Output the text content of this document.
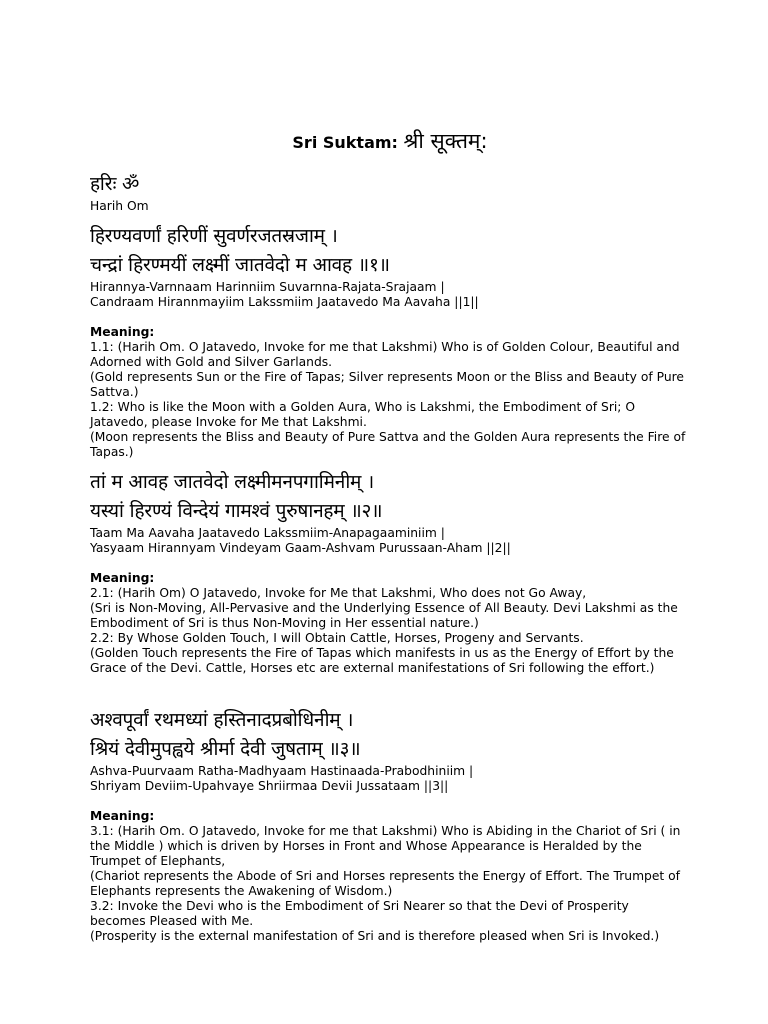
Sri Suktam: श्री सूक्तम्:
हरिः ॐ
Harih Om
हिरण्यवर्णां हरिणीं सुवर्णरजतस्रजाम् ।
चन्द्रां हिरण्मयीं लक्ष्मीं जातवेदो म आवह ॥१॥
Hirannya-Varnnaam Harinniim Suvarnna-Rajata-Srajaam |
Candraam Hirannmayiim Lakssmiim Jaatavedo Ma Aavaha ||1||
Meaning:
1.1: (Harih Om. O Jatavedo, Invoke for me that Lakshmi) Who is of Golden Colour, Beautiful and
Adorned with Gold and Silver Garlands.
(Gold represents Sun or the Fire of Tapas; Silver represents Moon or the Bliss and Beauty of Pure
Sattva.)
1.2: Who is like the Moon with a Golden Aura, Who is Lakshmi, the Embodiment of Sri; O
Jatavedo, please Invoke for Me that Lakshmi.
(Moon represents the Bliss and Beauty of Pure Sattva and the Golden Aura represents the Fire of
Tapas.)
तां म आवह जातवेदो लक्ष्मीमनपगामिनीम् ।
यस्यां हिरण्यं विन्देयं गामश्वं पुरुषानहम् ॥२॥
Taam Ma Aavaha Jaatavedo Lakssmiim-Anapagaaminiim |
Yasyaam Hirannyam Vindeyam Gaam-Ashvam Purussaan-Aham ||2||
Meaning:
2.1: (Harih Om) O Jatavedo, Invoke for Me that Lakshmi, Who does not Go Away,
(Sri is Non-Moving, All-Pervasive and the Underlying Essence of All Beauty. Devi Lakshmi as the
Embodiment of Sri is thus Non-Moving in Her essential nature.)
2.2: By Whose Golden Touch, I will Obtain Cattle, Horses, Progeny and Servants.
(Golden Touch represents the Fire of Tapas which manifests in us as the Energy of Effort by the
Grace of the Devi. Cattle, Horses etc are external manifestations of Sri following the effort.)
अश्वपूर्वां रथमध्यां हस्तिनादप्रबोधिनीम् ।
श्रियं देवीमुपह्वये श्रीर्मा देवी जुषताम् ॥३॥
Ashva-Puurvaam Ratha-Madhyaam Hastinaada-Prabodhiniim |
Shriyam Deviim-Upahvaye Shriirmaa Devii Jussataam ||3||
Meaning:
3.1: (Harih Om. O Jatavedo, Invoke for me that Lakshmi) Who is Abiding in the Chariot of Sri ( in
the Middle ) which is driven by Horses in Front and Whose Appearance is Heralded by the
Trumpet of Elephants,
(Chariot represents the Abode of Sri and Horses represents the Energy of Effort. The Trumpet of
Elephants represents the Awakening of Wisdom.)
3.2: Invoke the Devi who is the Embodiment of Sri Nearer so that the Devi of Prosperity
becomes Pleased with Me.
(Prosperity is the external manifestation of Sri and is therefore pleased when Sri is Invoked.)
